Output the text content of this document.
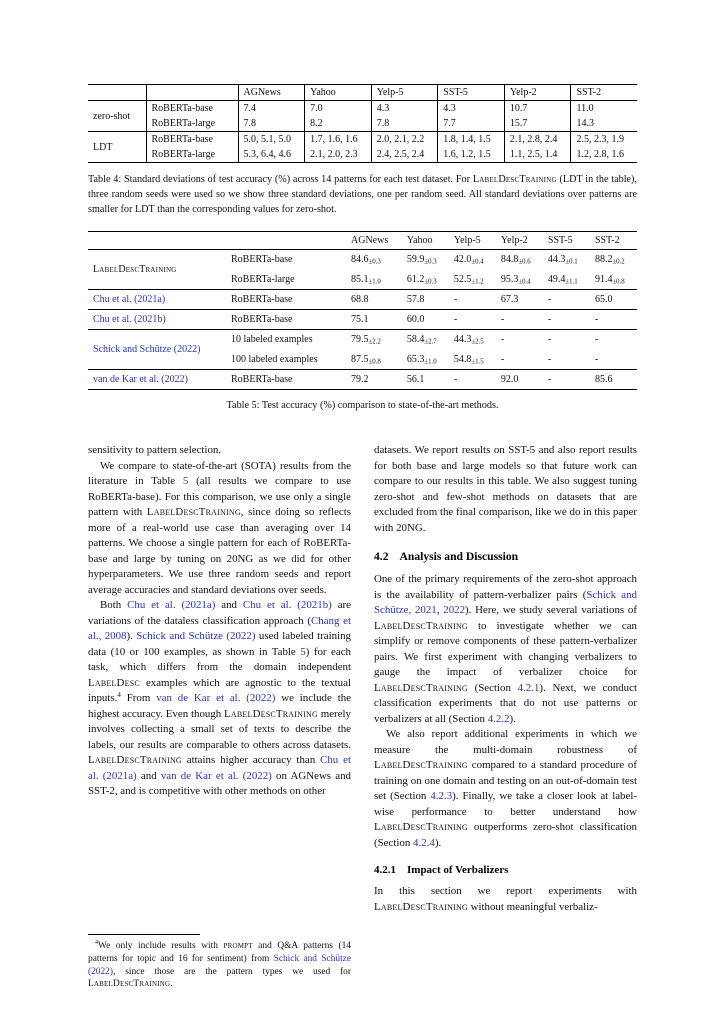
		AGNews	Yahoo	Yelp-5	SST-5	Yelp-2	SST-2
zero-shot	RoBERTa-base	7.4	7.0	4.3	4.3	10.7	11.0
	RoBERTa-large	7.8	8.2	7.8	7.7	15.7	14.3
LDT	RoBERTa-base	5.0, 5.1, 5.0	1.7, 1.6, 1.6	2.0, 2.1, 2.2	1.8, 1.4, 1.5	2.1, 2.8, 2.4	2.5, 2.3, 1.9
	RoBERTa-large	5.3, 6.4, 4.6	2.1, 2.0, 2.3	2.4, 2.5, 2.4	1.6, 1.2, 1.5	1.1, 2.5, 1.4	1.2, 2.8, 1.6

Table 4: Standard deviations of test accuracy (%) across 14 patterns for each test dataset. For LabelDescTraining (LDT in the table), three random seeds were used so we show three standard deviations, one per random seed. All standard deviations over patterns are smaller for LDT than the corresponding values for zero-shot.

		AGNews	Yahoo	Yelp-5	Yelp-2	SST-5	SST-2
LabelDescTraining	RoBERTa-base	84.6±0.3	59.9±0.3	42.0±0.4	84.8±0.6	44.3±0.1	88.2±0.2
	RoBERTa-large	85.1±1.0	61.2±0.3	52.5±1.2	95.3±0.4	49.4±1.1	91.4±0.8
Chu et al. (2021a)	RoBERTa-base	68.8	57.8	-	67.3	-	65.0
Chu et al. (2021b)	RoBERTa-base	75.1	60.0	-	-	-	-
Schick and Schütze (2022)	10 labeled examples	79.5±2.2	58.4±2.7	44.3±2.5	-	-	-
	100 labeled examples	87.5±0.8	65.3±1.0	54.8±1.5	-	-	-
van de Kar et al. (2022)	RoBERTa-base	79.2	56.1	-	92.0	-	85.6

Table 5: Test accuracy (%) comparison to state-of-the-art methods.

sensitivity to pattern selection.

We compare to state-of-the-art (SOTA) results from the literature in Table 5 (all results we compare to use RoBERTa-base). For this comparison, we use only a single pattern with LabelDescTraining, since doing so reflects more of a real-world use case than averaging over 14 patterns. We choose a single pattern for each of RoBERTa-base and large by tuning on 20NG as we did for other hyperparameters. We use three random seeds and report average accuracies and standard deviations over seeds.

Both Chu et al. (2021a) and Chu et al. (2021b) are variations of the dataless classification approach (Chang et al., 2008). Schick and Schütze (2022) used labeled training data (10 or 100 examples, as shown in Table 5) for each task, which differs from the domain independent LabelDesc examples which are agnostic to the textual inputs.$^4$ From van de Kar et al. (2022) we include the highest accuracy. Even though LabelDescTraining merely involves collecting a small set of texts to describe the labels, our results are comparable to others across datasets. LabelDescTraining attains higher accuracy than Chu et al. (2021a) and van de Kar et al. (2022) on AGNews and SST-2, and is competitive with other methods on other

$^4$We only include results with prompt and Q&A patterns (14 patterns for topic and 16 for sentiment) from Schick and Schütze (2022), since those are the pattern types we used for LabelDescTraining.

datasets. We report results on SST-5 and also report results for both base and large models so that future work can compare to our results in this table. We also suggest tuning zero-shot and few-shot methods on datasets that are excluded from the final comparison, like we do in this paper with 20NG.

4.2 Analysis and Discussion

One of the primary requirements of the zero-shot approach is the availability of pattern-verbalizer pairs (Schick and Schütze, 2021, 2022). Here, we study several variations of LabelDescTraining to investigate whether we can simplify or remove components of these pattern-verbalizer pairs. We first experiment with changing verbalizers to gauge the impact of verbalizer choice for LabelDescTraining (Section 4.2.1). Next, we conduct classification experiments that do not use patterns or verbalizers at all (Section 4.2.2).

We also report additional experiments in which we measure the multi-domain robustness of LabelDescTraining compared to a standard procedure of training on one domain and testing on an out-of-domain test set (Section 4.2.3). Finally, we take a closer look at label-wise performance to better understand how LabelDescTraining outperforms zero-shot classification (Section 4.2.4).

4.2.1 Impact of Verbalizers

In this section we report experiments with LabelDescTraining without meaningful verbaliz-
